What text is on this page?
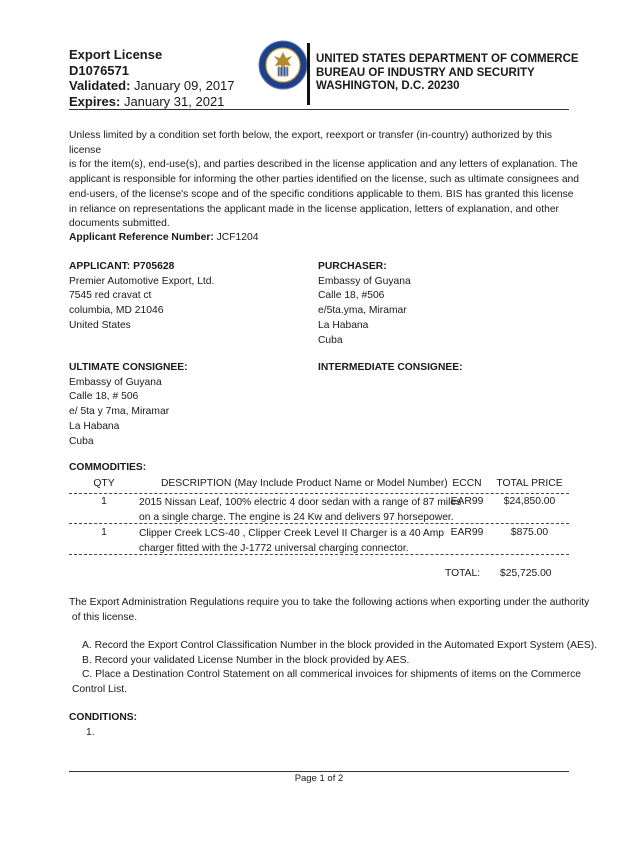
Export License
D1076571
Validated: January 09, 2017
Expires: January 31, 2021
UNITED STATES DEPARTMENT OF COMMERCE
BUREAU OF INDUSTRY AND SECURITY
WASHINGTON, D.C. 20230
Unless limited by a condition set forth below, the export, reexport or transfer (in-country) authorized by this license
is for the item(s), end-use(s), and parties described in the license application and any letters of explanation. The
applicant is responsible for informing the other parties identified on the license, such as ultimate consignees and
end-users, of the license's scope and of the specific conditions applicable to them. BIS has granted this license
in reliance on representations the applicant made in the license application, letters of explanation, and other
documents submitted.
Applicant Reference Number: JCF1204
APPLICANT: P705628
Premier Automotive Export, Ltd.
7545 red cravat ct
columbia, MD 21046
United States
PURCHASER:
Embassy of Guyana
Calle 18, #506
e/5ta.yma, Miramar
La Habana
Cuba
ULTIMATE CONSIGNEE:
Embassy of Guyana
Calle 18, # 506
e/ 5ta y 7ma, Miramar
La Habana
Cuba
INTERMEDIATE CONSIGNEE:
COMMODITIES:
QTY	DESCRIPTION (May Include Product Name or Model Number) ECCN	TOTAL PRICE
1	2015 Nissan Leaf, 100% electric 4 door sedan with a range of 87 miles
on a single charge. The engine is 24 Kw and delivers 97 horsepower.
EAR99	$24,850.00
1	Clipper Creek LCS-40 , Clipper Creek Level II Charger is a 40 Amp
charger fitted with the J-1772 universal charging connector.
EAR99	$875.00
TOTAL: $25,725.00
The Export Administration Regulations require you to take the following actions when exporting under the authority
of this license.
A. Record the Export Control Classification Number in the block provided in the Automated Export System (AES).
B. Record your validated License Number in the block provided by AES.
C. Place a Destination Control Statement on all commerical invoices for shipments of items on the Commerce
Control List.
CONDITIONS:
1.
Page 1 of 2
